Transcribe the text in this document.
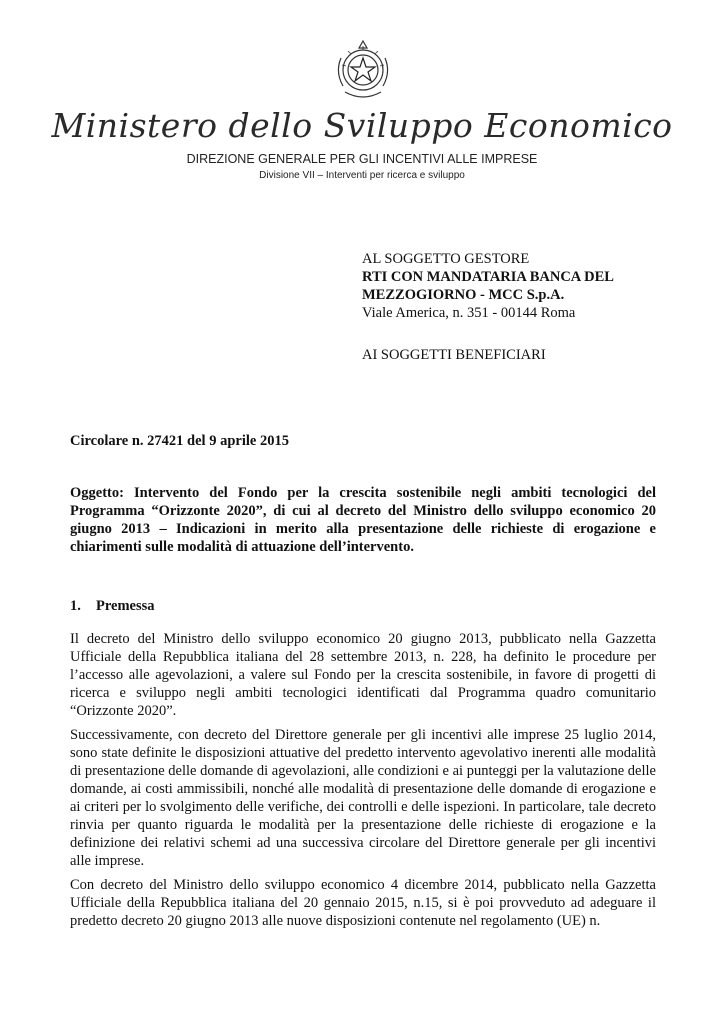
Ministero dello Sviluppo Economico
DIREZIONE GENERALE PER GLI INCENTIVI ALLE IMPRESE
Divisione VII – Interventi per ricerca e sviluppo
AL SOGGETTO GESTORE
RTI CON MANDATARIA BANCA DEL
MEZZOGIORNO - MCC S.p.A.
Viale America, n. 351 - 00144 Roma
AI SOGGETTI BENEFICIARI
Circolare n. 27421 del 9 aprile 2015
Oggetto: Intervento del Fondo per la crescita sostenibile negli ambiti tecnologici del Programma “Orizzonte 2020”, di cui al decreto del Ministro dello sviluppo economico 20 giugno 2013 – Indicazioni in merito alla presentazione delle richieste di erogazione e chiarimenti sulle modalità di attuazione dell’intervento.
1. Premessa

Il decreto del Ministro dello sviluppo economico 20 giugno 2013, pubblicato nella Gazzetta Ufficiale della Repubblica italiana del 28 settembre 2013, n. 228, ha definito le procedure per l’accesso alle agevolazioni, a valere sul Fondo per la crescita sostenibile, in favore di progetti di ricerca e sviluppo negli ambiti tecnologici identificati dal Programma quadro comunitario “Orizzonte 2020”.

Successivamente, con decreto del Direttore generale per gli incentivi alle imprese 25 luglio 2014, sono state definite le disposizioni attuative del predetto intervento agevolativo inerenti alle modalità di presentazione delle domande di agevolazioni, alle condizioni e ai punteggi per la valutazione delle domande, ai costi ammissibili, nonché alle modalità di presentazione delle domande di erogazione e ai criteri per lo svolgimento delle verifiche, dei controlli e delle ispezioni. In particolare, tale decreto rinvia per quanto riguarda le modalità per la presentazione delle richieste di erogazione e la definizione dei relativi schemi ad una successiva circolare del Direttore generale per gli incentivi alle imprese.

Con decreto del Ministro dello sviluppo economico 4 dicembre 2014, pubblicato nella Gazzetta Ufficiale della Repubblica italiana del 20 gennaio 2015, n.15, si è poi provveduto ad adeguare il predetto decreto 20 giugno 2013 alle nuove disposizioni contenute nel regolamento (UE) n.
